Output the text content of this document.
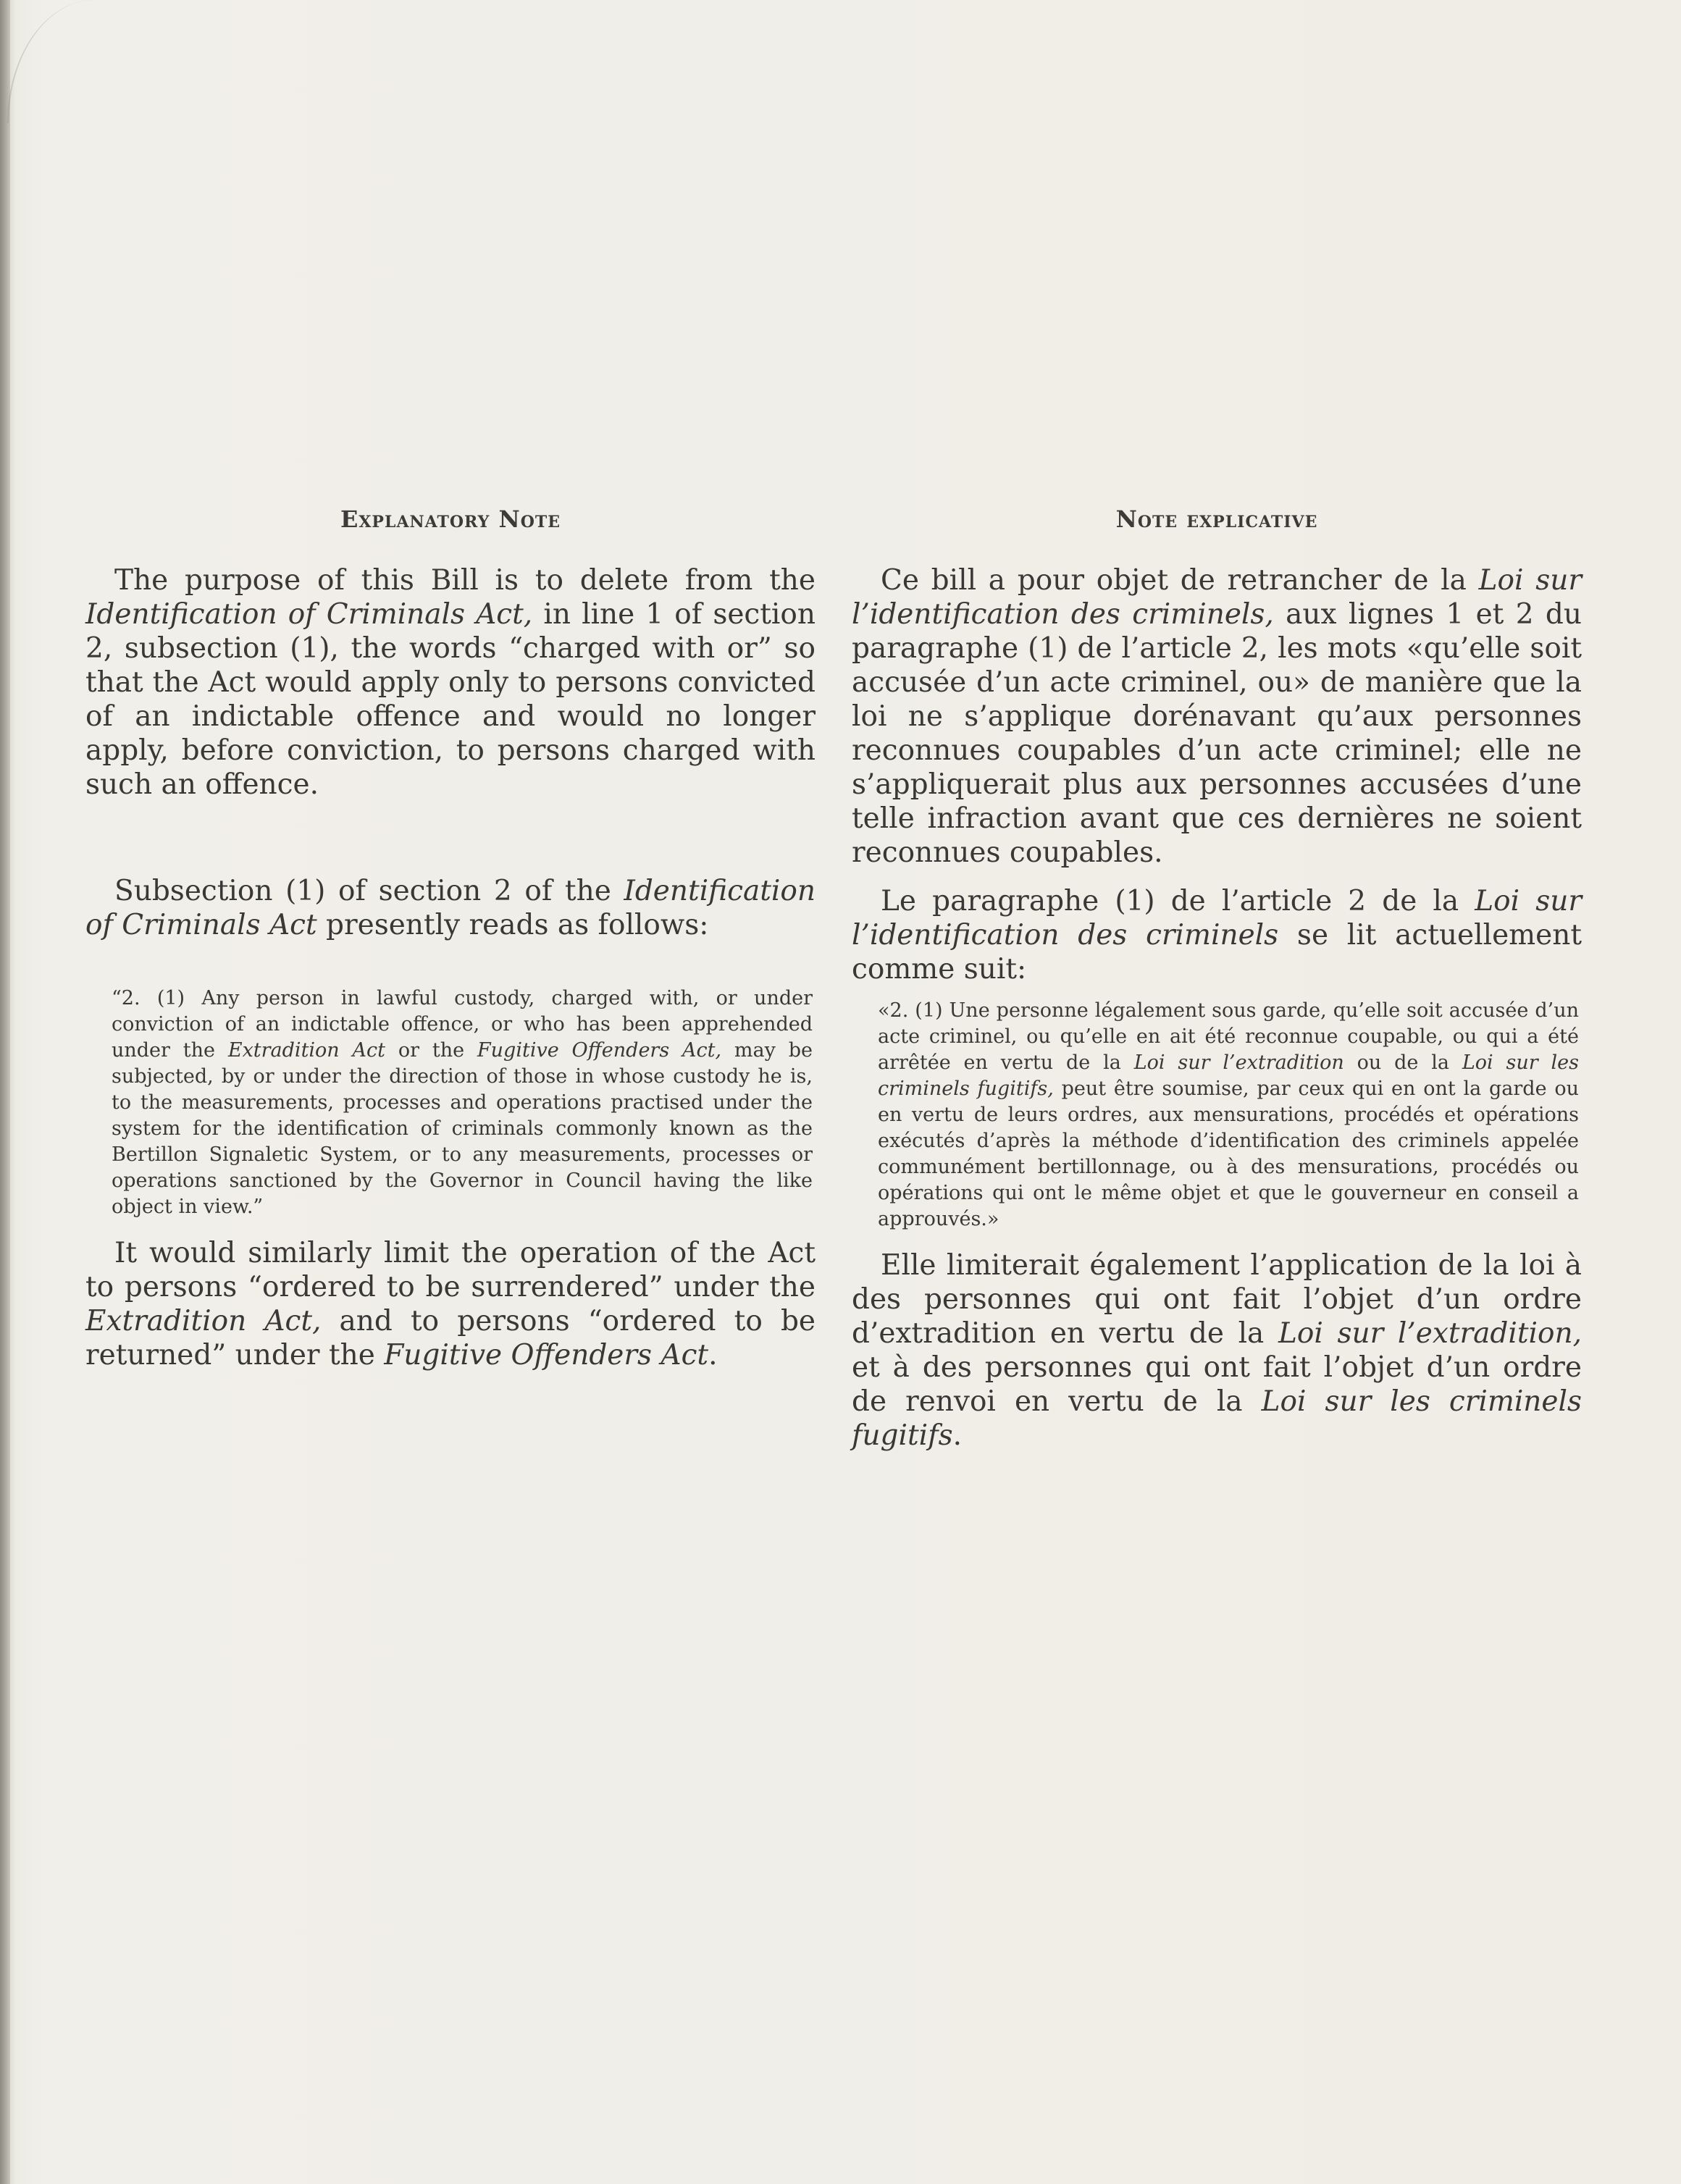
Explanatory Note

The purpose of this Bill is to delete from the Identification of Criminals Act, in line 1 of section 2, subsection (1), the words “charged with or” so that the Act would apply only to persons convicted of an indictable offence and would no longer apply, before conviction, to persons charged with such an offence.

Subsection (1) of section 2 of the Identification of Criminals Act presently reads as follows:

“2. (1) Any person in lawful custody, charged with, or under conviction of an indictable offence, or who has been apprehended under the Extradition Act or the Fugitive Offenders Act, may be subjected, by or under the direction of those in whose custody he is, to the measurements, processes and operations practised under the system for the identification of criminals commonly known as the Bertillon Signaletic System, or to any measurements, processes or operations sanctioned by the Governor in Council having the like object in view.”

It would similarly limit the operation of the Act to persons “ordered to be surrendered” under the Extradition Act, and to persons “ordered to be returned” under the Fugitive Offenders Act.

Note explicative

Ce bill a pour objet de retrancher de la Loi sur l’identification des criminels, aux lignes 1 et 2 du paragraphe (1) de l’article 2, les mots «qu’elle soit accusée d’un acte criminel, ou» de manière que la loi ne s’applique dorénavant qu’aux personnes reconnues coupables d’un acte criminel; elle ne s’appliquerait plus aux personnes accusées d’une telle infraction avant que ces dernières ne soient reconnues coupables.

Le paragraphe (1) de l’article 2 de la Loi sur l’identification des criminels se lit actuellement comme suit:

«2. (1) Une personne légalement sous garde, qu’elle soit accusée d’un acte criminel, ou qu’elle en ait été reconnue coupable, ou qui a été arrêtée en vertu de la Loi sur l’extradition ou de la Loi sur les criminels fugitifs, peut être soumise, par ceux qui en ont la garde ou en vertu de leurs ordres, aux mensurations, procédés et opérations exécutés d’après la méthode d’identification des criminels appelée communément bertillonnage, ou à des mensurations, procédés ou opérations qui ont le même objet et que le gouverneur en conseil a approuvés.»

Elle limiterait également l’application de la loi à des personnes qui ont fait l’objet d’un ordre d’extradition en vertu de la Loi sur l’extradition, et à des personnes qui ont fait l’objet d’un ordre de renvoi en vertu de la Loi sur les criminels fugitifs.
